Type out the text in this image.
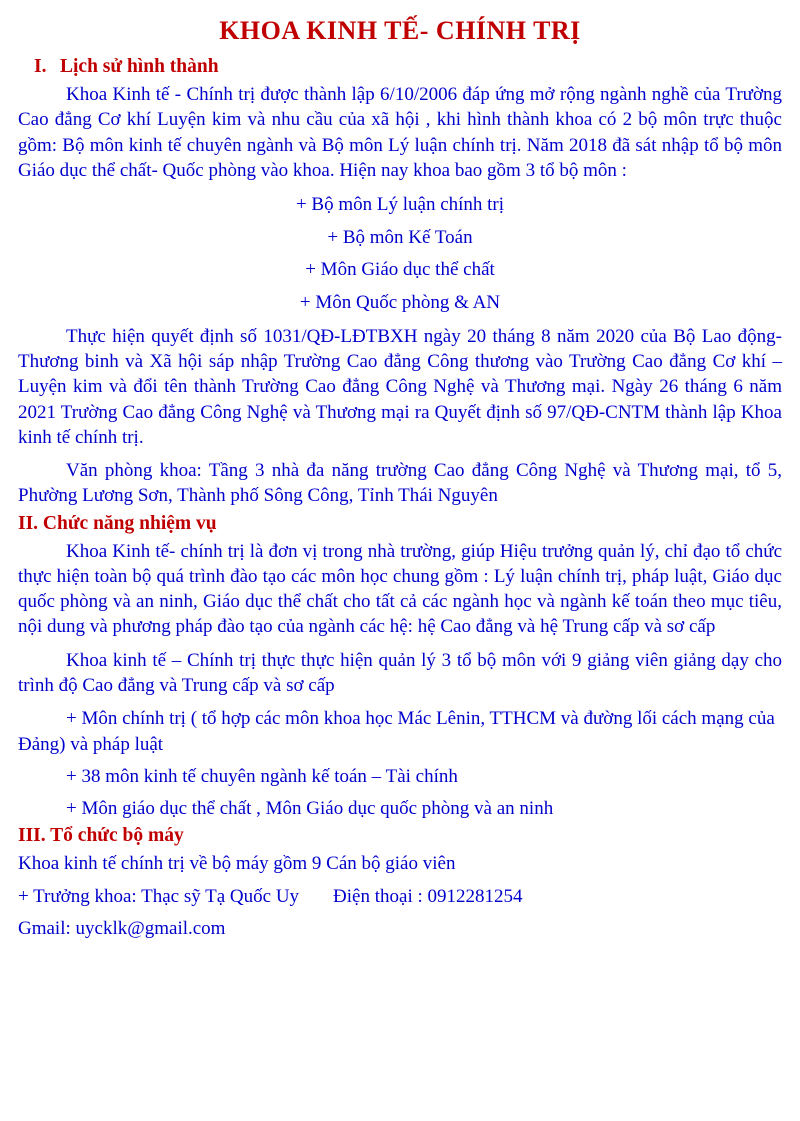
KHOA KINH TẾ- CHÍNH TRỊ
I. Lịch sử hình thành

Khoa Kinh tế - Chính trị được thành lập 6/10/2006 đáp ứng mở rộng ngành nghề của Trường Cao đẳng Cơ khí Luyện kim và nhu cầu của xã hội , khi hình thành khoa có 2 bộ môn trực thuộc gồm: Bộ môn kinh tế chuyên ngành và Bộ môn Lý luận chính trị. Năm 2018 đã sát nhập tổ bộ môn Giáo dục thể chất- Quốc phòng vào khoa. Hiện nay khoa bao gồm 3 tổ bộ môn :

+ Bộ môn Lý luận chính trị

+ Bộ môn Kế Toán

+ Môn Giáo dục thể chất

+ Môn Quốc phòng & AN

Thực hiện quyết định số 1031/QĐ-LĐTBXH ngày 20 tháng 8 năm 2020 của Bộ Lao động- Thương binh và Xã hội sáp nhập Trường Cao đẳng Công thương vào Trường Cao đẳng Cơ khí – Luyện kim và đổi tên thành Trường Cao đẳng Công Nghệ và Thương mại. Ngày 26 tháng 6 năm 2021 Trường Cao đẳng Công Nghệ và Thương mại ra Quyết định số 97/QĐ-CNTM thành lập Khoa kinh tế chính trị.

Văn phòng khoa: Tầng 3 nhà đa năng trường Cao đẳng Công Nghệ và Thương mại, tổ 5, Phường Lương Sơn, Thành phố Sông Công, Tỉnh Thái Nguyên

II. Chức năng nhiệm vụ

Khoa Kinh tế- chính trị là đơn vị trong nhà trường, giúp Hiệu trưởng quản lý, chỉ đạo tổ chức thực hiện toàn bộ quá trình đào tạo các môn học chung gồm : Lý luận chính trị, pháp luật, Giáo dục quốc phòng và an ninh, Giáo dục thể chất cho tất cả các ngành học và ngành kế toán theo mục tiêu, nội dung và phương pháp đào tạo của ngành các hệ: hệ Cao đẳng và hệ Trung cấp và sơ cấp

Khoa kinh tế – Chính trị thực thực hiện quản lý 3 tổ bộ môn với 9 giảng viên giảng dạy cho trình độ Cao đẳng và Trung cấp và sơ cấp

+ Môn chính trị ( tổ hợp các môn khoa học Mác Lênin, TTHCM và đường lối cách mạng của Đảng) và pháp luật

+ 38 môn kinh tế chuyên ngành kế toán – Tài chính

+ Môn giáo dục thể chất , Môn Giáo dục quốc phòng và an ninh

III. Tổ chức bộ máy

Khoa kinh tế chính trị về bộ máy gồm 9 Cán bộ giáo viên

+ Trưởng khoa: Thạc sỹ Tạ Quốc Uy Điện thoại : 0912281254

Gmail: uycklk@gmail.com
